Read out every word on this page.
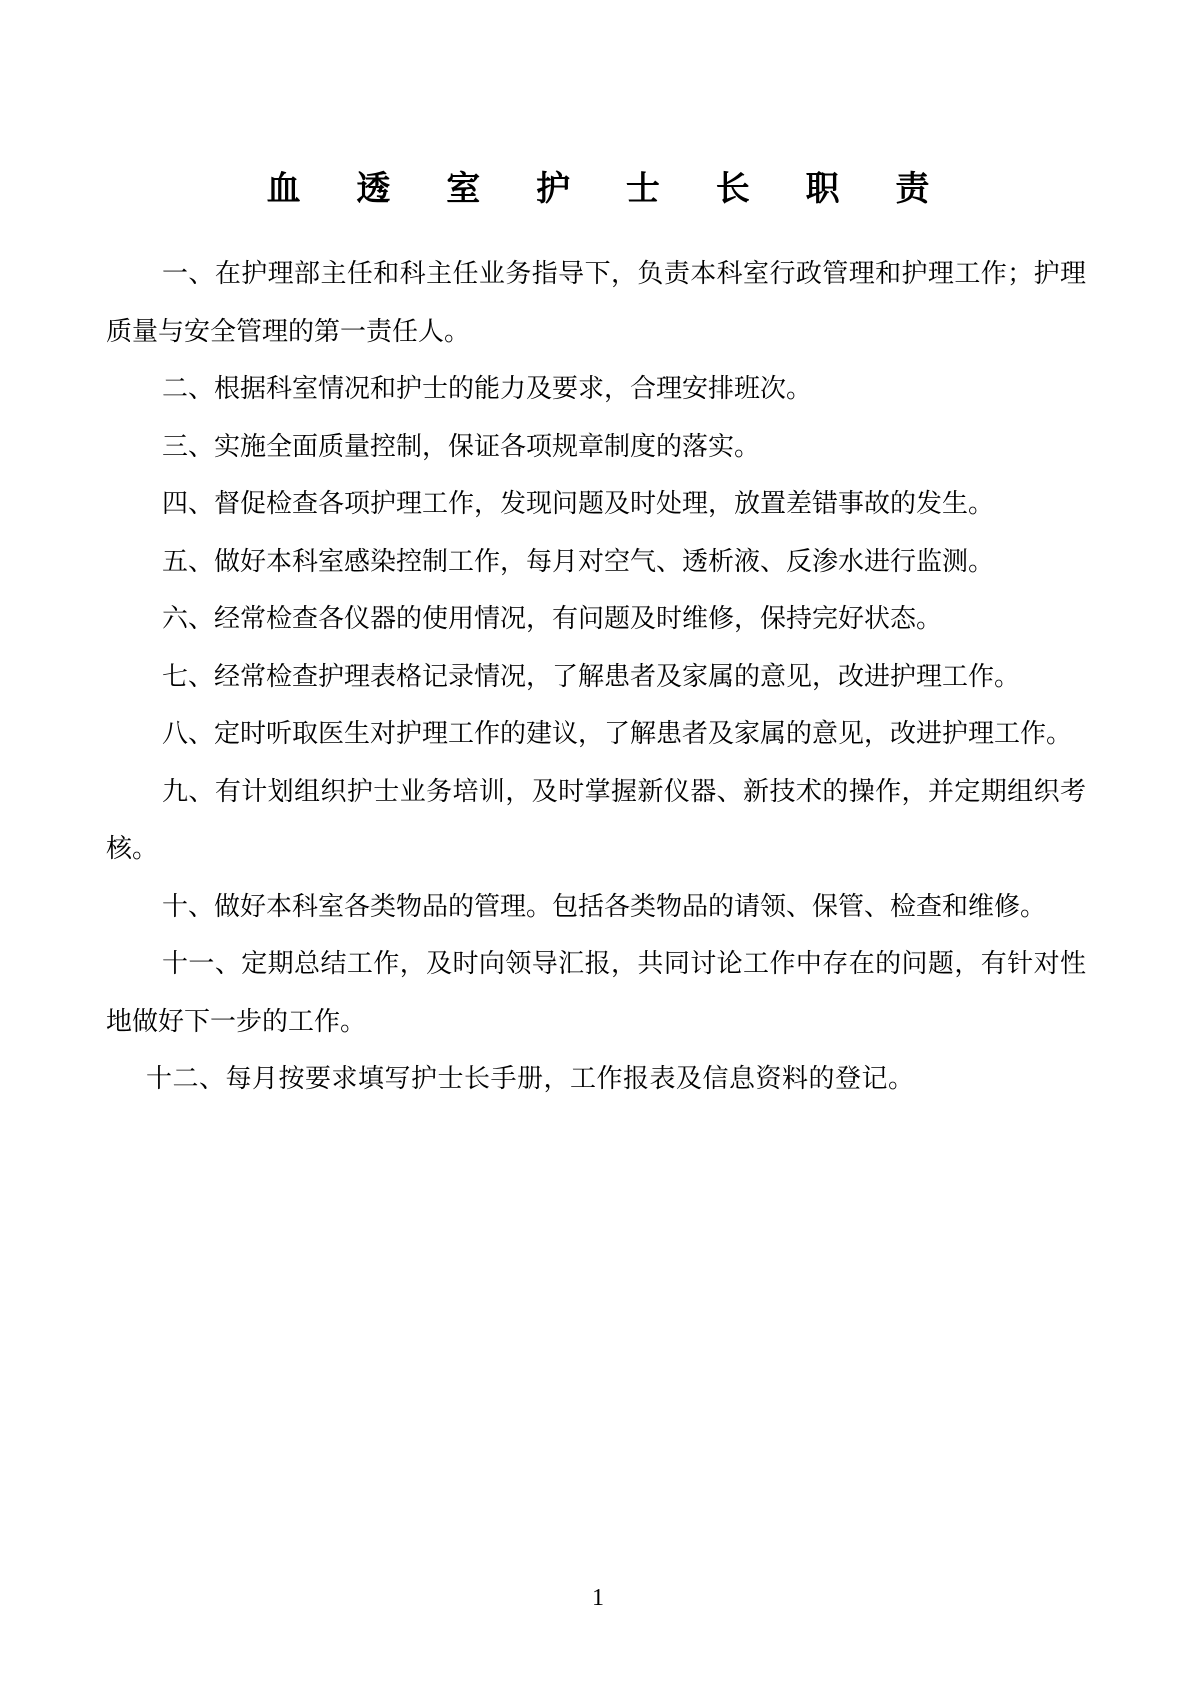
血 透 室 护 士 长 职 责

一、在护理部主任和科主任业务指导下，负责本科室行政管理和护理工作；护理质量与安全管理的第一责任人。

二、根据科室情况和护士的能力及要求，合理安排班次。

三、实施全面质量控制，保证各项规章制度的落实。

四、督促检查各项护理工作，发现问题及时处理，放置差错事故的发生。

五、做好本科室感染控制工作，每月对空气、透析液、反渗水进行监测。

六、经常检查各仪器的使用情况，有问题及时维修，保持完好状态。

七、经常检查护理表格记录情况，了解患者及家属的意见，改进护理工作。

八、定时听取医生对护理工作的建议，了解患者及家属的意见，改进护理工作。

九、有计划组织护士业务培训，及时掌握新仪器、新技术的操作，并定期组织考核。

十、做好本科室各类物品的管理。包括各类物品的请领、保管、检查和维修。

十一、定期总结工作，及时向领导汇报，共同讨论工作中存在的问题，有针对性地做好下一步的工作。

十二、每月按要求填写护士长手册，工作报表及信息资料的登记。

1
